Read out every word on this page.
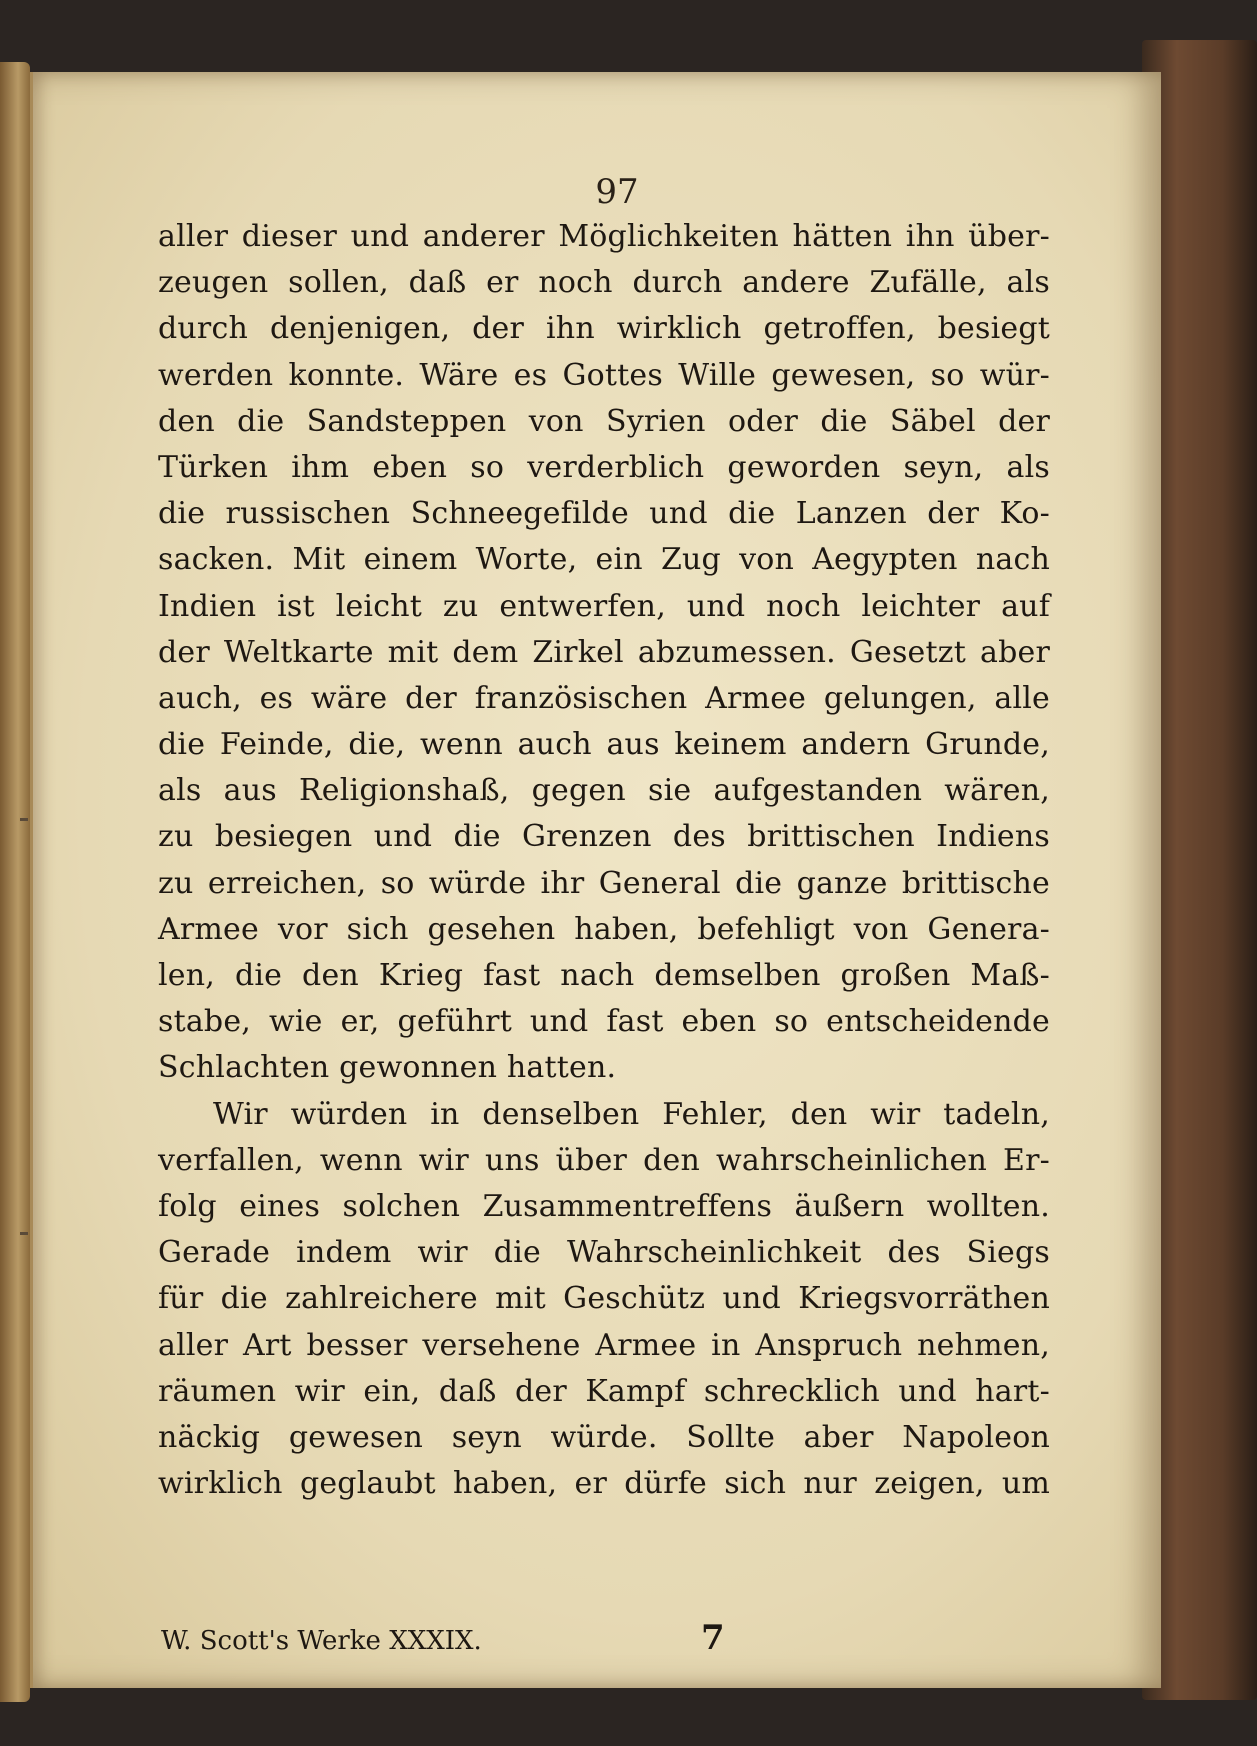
97
aller dieser und anderer Möglichkeiten hätten ihn über-
zeugen sollen, daß er noch durch andere Zufälle, als
durch denjenigen, der ihn wirklich getroffen, besiegt
werden konnte. Wäre es Gottes Wille gewesen, so wür-
den die Sandsteppen von Syrien oder die Säbel der
Türken ihm eben so verderblich geworden seyn, als
die russischen Schneegefilde und die Lanzen der Ko-
sacken. Mit einem Worte, ein Zug von Aegypten nach
Indien ist leicht zu entwerfen, und noch leichter auf
der Weltkarte mit dem Zirkel abzumessen. Gesetzt aber
auch, es wäre der französischen Armee gelungen, alle
die Feinde, die, wenn auch aus keinem andern Grunde,
als aus Religionshaß, gegen sie aufgestanden wären,
zu besiegen und die Grenzen des brittischen Indiens
zu erreichen, so würde ihr General die ganze brittische
Armee vor sich gesehen haben, befehligt von Genera-
len, die den Krieg fast nach demselben großen Maß-
stabe, wie er, geführt und fast eben so entscheidende
Schlachten gewonnen hatten.
Wir würden in denselben Fehler, den wir tadeln,
verfallen, wenn wir uns über den wahrscheinlichen Er-
folg eines solchen Zusammentreffens äußern wollten.
Gerade indem wir die Wahrscheinlichkeit des Siegs
für die zahlreichere mit Geschütz und Kriegsvorräthen
aller Art besser versehene Armee in Anspruch nehmen,
räumen wir ein, daß der Kampf schrecklich und hart-
näckig gewesen seyn würde. Sollte aber Napoleon
wirklich geglaubt haben, er dürfe sich nur zeigen, um
W. Scott's Werke XXXIX.	7
